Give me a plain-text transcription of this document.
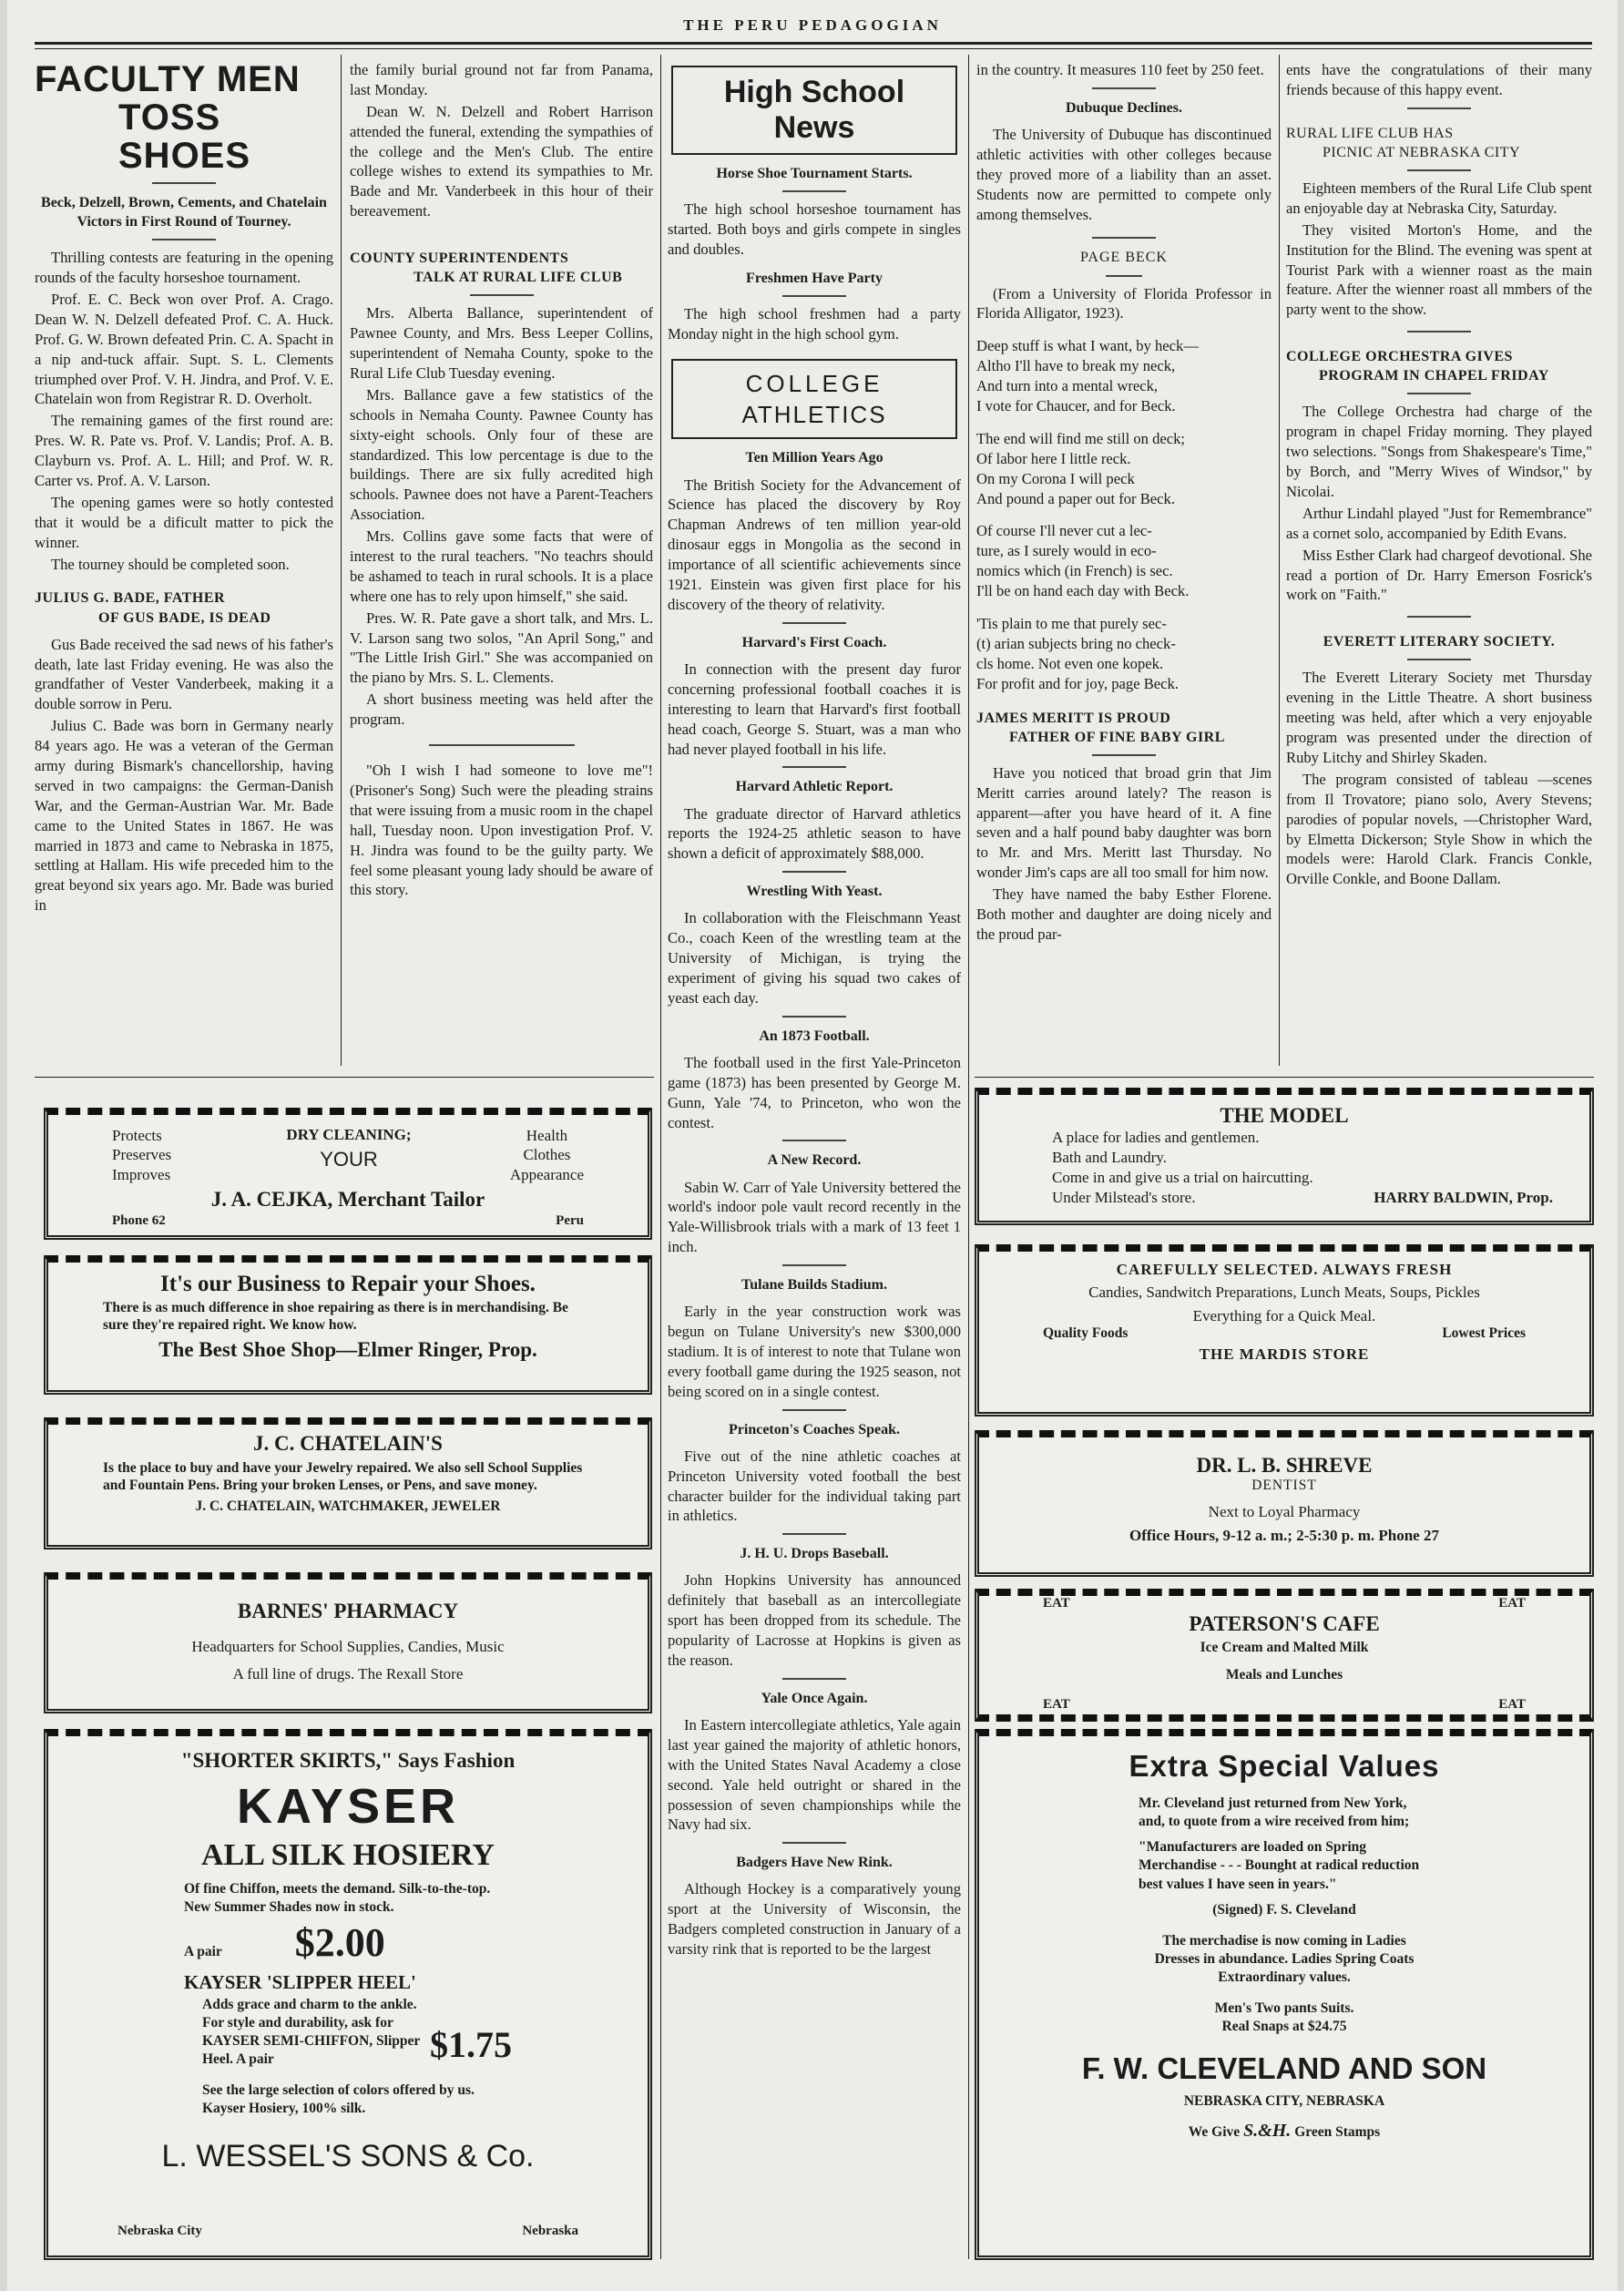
THE PERU PEDAGOGIAN
FACULTY MEN
TOSS SHOES
Beck, Delzell, Brown, Cements, and Chatelain Victors in First Round of Tourney.

Thrilling contests are featuring in the opening rounds of the faculty horseshoe tournament.

Prof. E. C. Beck won over Prof. A. Crago. Dean W. N. Delzell defeated Prof. C. A. Huck. Prof. G. W. Brown defeated Prin. C. A. Spacht in a nip and-tuck affair. Supt. S. L. Clements triumphed over Prof. V. H. Jindra, and Prof. V. E. Chatelain won from Registrar R. D. Overholt.

The remaining games of the first round are: Pres. W. R. Pate vs. Prof. V. Landis; Prof. A. B. Clayburn vs. Prof. A. L. Hill; and Prof. W. R. Carter vs. Prof. A. V. Larson.

The opening games were so hotly contested that it would be a dificult matter to pick the winner.

The tourney should be completed soon.

JULIUS G. BADE, FATHER
OF GUS BADE, IS DEAD

Gus Bade received the sad news of his father's death, late last Friday evening. He was also the grandfather of Vester Vanderbeek, making it a double sorrow in Peru.

Julius C. Bade was born in Germany nearly 84 years ago. He was a veteran of the German army during Bismark's chancellorship, having served in two campaigns: the German-Danish War, and the German-Austrian War. Mr. Bade came to the United States in 1867. He was married in 1873 and came to Nebraska in 1875, settling at Hallam. His wife preceded him to the great beyond six years ago. Mr. Bade was buried in

the family burial ground not far from Panama, last Monday.

Dean W. N. Delzell and Robert Harrison attended the funeral, extending the sympathies of the college and the Men's Club. The entire college wishes to extend its sympathies to Mr. Bade and Mr. Vanderbeek in this hour of their bereavement.

COUNTY SUPERINTENDENTS
TALK AT RURAL LIFE CLUB

Mrs. Alberta Ballance, superintendent of Pawnee County, and Mrs. Bess Leeper Collins, superintendent of Nemaha County, spoke to the Rural Life Club Tuesday evening.

Mrs. Ballance gave a few statistics of the schools in Nemaha County. Pawnee County has sixty-eight schools. Only four of these are standardized. This low percentage is due to the buildings. There are six fully acredited high schools. Pawnee does not have a Parent-Teachers Association.

Mrs. Collins gave some facts that were of interest to the rural teachers. "No teachrs should be ashamed to teach in rural schools. It is a place where one has to rely upon himself," she said.

Pres. W. R. Pate gave a short talk, and Mrs. L. V. Larson sang two solos, "An April Song," and "The Little Irish Girl." She was accompanied on the piano by Mrs. S. L. Clements.

A short business meeting was held after the program.

"Oh I wish I had someone to love me"! (Prisoner's Song) Such were the pleading strains that were issuing from a music room in the chapel hall, Tuesday noon. Upon investigation Prof. V. H. Jindra was found to be the guilty party. We feel some pleasant young lady should be aware of this story.

High School
News
Horse Shoe Tournament Starts.

The high school horseshoe tournament has started. Both boys and girls compete in singles and doubles.

Freshmen Have Party

The high school freshmen had a party Monday night in the high school gym.

COLLEGE
ATHLETICS
Ten Million Years Ago

The British Society for the Advancement of Science has placed the discovery by Roy Chapman Andrews of ten million year-old dinosaur eggs in Mongolia as the second in importance of all scientific achievements since 1921. Einstein was given first place for his discovery of the theory of relativity.

Harvard's First Coach.

In connection with the present day furor concerning professional football coaches it is interesting to learn that Harvard's first football head coach, George S. Stuart, was a man who had never played football in his life.

Harvard Athletic Report.

The graduate director of Harvard athletics reports the 1924-25 athletic season to have shown a deficit of approximately $88,000.

Wrestling With Yeast.

In collaboration with the Fleischmann Yeast Co., coach Keen of the wrestling team at the University of Michigan, is trying the experiment of giving his squad two cakes of yeast each day.

An 1873 Football.

The football used in the first Yale-Princeton game (1873) has been presented by George M. Gunn, Yale '74, to Princeton, who won the contest.

A New Record.

Sabin W. Carr of Yale University bettered the world's indoor pole vault record recently in the Yale-Willisbrook trials with a mark of 13 feet 1 inch.

Tulane Builds Stadium.

Early in the year construction work was begun on Tulane University's new $300,000 stadium. It is of interest to note that Tulane won every football game during the 1925 season, not being scored on in a single contest.

Princeton's Coaches Speak.

Five out of the nine athletic coaches at Princeton University voted football the best character builder for the individual taking part in athletics.

J. H. U. Drops Baseball.

John Hopkins University has announced definitely that baseball as an intercollegiate sport has been dropped from its schedule. The popularity of Lacrosse at Hopkins is given as the reason.

Yale Once Again.

In Eastern intercollegiate athletics, Yale again last year gained the majority of athletic honors, with the United States Naval Academy a close second. Yale held outright or shared in the possession of seven championships while the Navy had six.

Badgers Have New Rink.

Although Hockey is a comparatively young sport at the University of Wisconsin, the Badgers completed construction in January of a varsity rink that is reported to be the largest

in the country. It measures 110 feet by 250 feet.

Dubuque Declines.

The University of Dubuque has discontinued athletic activities with other colleges because they proved more of a liability than an asset. Students now are permitted to compete only among themselves.

PAGE BECK

(From a University of Florida Professor in Florida Alligator, 1923).

Deep stuff is what I want, by heck—
Altho I'll have to break my neck,
And turn into a mental wreck,
I vote for Chaucer, and for Beck.

The end will find me still on deck;
Of labor here I little reck.
On my Corona I will peck
And pound a paper out for Beck.

Of course I'll never cut a lec-
ture, as I surely would in eco-
nomics which (in French) is sec.
I'll be on hand each day with Beck.

'Tis plain to me that purely sec-
(t) arian subjects bring no check-
cls home. Not even one kopek.
For profit and for joy, page Beck.

JAMES MERITT IS PROUD
FATHER OF FINE BABY GIRL

Have you noticed that broad grin that Jim Meritt carries around lately? The reason is apparent—after you have heard of it. A fine seven and a half pound baby daughter was born to Mr. and Mrs. Meritt last Thursday. No wonder Jim's caps are all too small for him now.

They have named the baby Esther Florene. Both mother and daughter are doing nicely and the proud par-

ents have the congratulations of their many friends because of this happy event.

RURAL LIFE CLUB HAS
PICNIC AT NEBRASKA CITY

Eighteen members of the Rural Life Club spent an enjoyable day at Nebraska City, Saturday.

They visited Morton's Home, and the Institution for the Blind. The evening was spent at Tourist Park with a wienner roast as the main feature. After the wienner roast all mmbers of the party went to the show.

COLLEGE ORCHESTRA GIVES
PROGRAM IN CHAPEL FRIDAY

The College Orchestra had charge of the program in chapel Friday morning. They played two selections. "Songs from Shakespeare's Time," by Borch, and "Merry Wives of Windsor," by Nicolai.

Arthur Lindahl played "Just for Remembrance" as a cornet solo, accompanied by Edith Evans.

Miss Esther Clark had chargeof devotional. She read a portion of Dr. Harry Emerson Fosrick's work on "Faith."

EVERETT LITERARY SOCIETY.

The Everett Literary Society met Thursday evening in the Little Theatre. A short business meeting was held, after which a very enjoyable program was presented under the direction of Ruby Litchy and Shirley Skaden.

The program consisted of tableau —scenes from Il Trovatore; piano solo, Avery Stevens; parodies of popular novels, —Christopher Ward, by Elmetta Dickerson; Style Show in which the models were: Harold Clark. Francis Conkle, Orville Conkle, and Boone Dallam.

Protects
Preserves
Improves
DRY CLEANING;
YOUR
Health
Clothes
Appearance
J. A. CEJKA, Merchant Tailor
Phone 62	Peru
It's our Business to Repair your Shoes.
There is as much difference in shoe repairing as there is in merchandising. Be sure they're repaired right. We know how.
The Best Shoe Shop—Elmer Ringer, Prop.
J. C. CHATELAIN'S
Is the place to buy and have your Jewelry repaired. We also sell School Supplies and Fountain Pens. Bring your broken Lenses, or Pens, and save money.
J. C. CHATELAIN, WATCHMAKER, JEWELER
BARNES' PHARMACY
Headquarters for School Supplies, Candies, Music
A full line of drugs. The Rexall Store
"SHORTER SKIRTS," Says Fashion
KAYSER
ALL SILK HOSIERY
Of fine Chiffon, meets the demand. Silk-to-the-top. New Summer Shades now in stock.
A pair $2.00
KAYSER 'SLIPPER HEEL'
Adds grace and charm to the ankle. For style and durability, ask for KAYSER SEMI-CHIFFON, Slipper Heel. A pair	$1.75
See the large selection of colors offered by us. Kayser Hosiery, 100% silk.
L. WESSEL'S SONS & Co.
Nebraska City	Nebraska
THE MODEL
A place for ladies and gentlemen.
Bath and Laundry.
Come in and give us a trial on haircutting.
Under Milstead's store.	HARRY BALDWIN, Prop.
CAREFULLY SELECTED. ALWAYS FRESH
Candies, Sandwitch Preparations, Lunch Meats, Soups, Pickles
Everything for a Quick Meal.
Quality Foods	Lowest Prices
THE MARDIS STORE
DR. L. B. SHREVE
DENTIST
Next to Loyal Pharmacy
Office Hours, 9-12 a. m.; 2-5:30 p. m. Phone 27
EAT	EAT
PATERSON'S CAFE
Ice Cream and Malted Milk
Meals and Lunches
EAT	EAT
Extra Special Values
Mr. Cleveland just returned from New York, and, to quote from a wire received from him;
"Manufacturers are loaded on Spring Merchandise - - - Bounght at radical reduction best values I have seen in years."
(Signed) F. S. Cleveland
The merchadise is now coming in Ladies Dresses in abundance. Ladies Spring Coats Extraordinary values.
Men's Two pants Suits.
Real Snaps at $24.75
F. W. CLEVELAND AND SON
NEBRASKA CITY, NEBRASKA
We Give S.&H. Green Stamps
